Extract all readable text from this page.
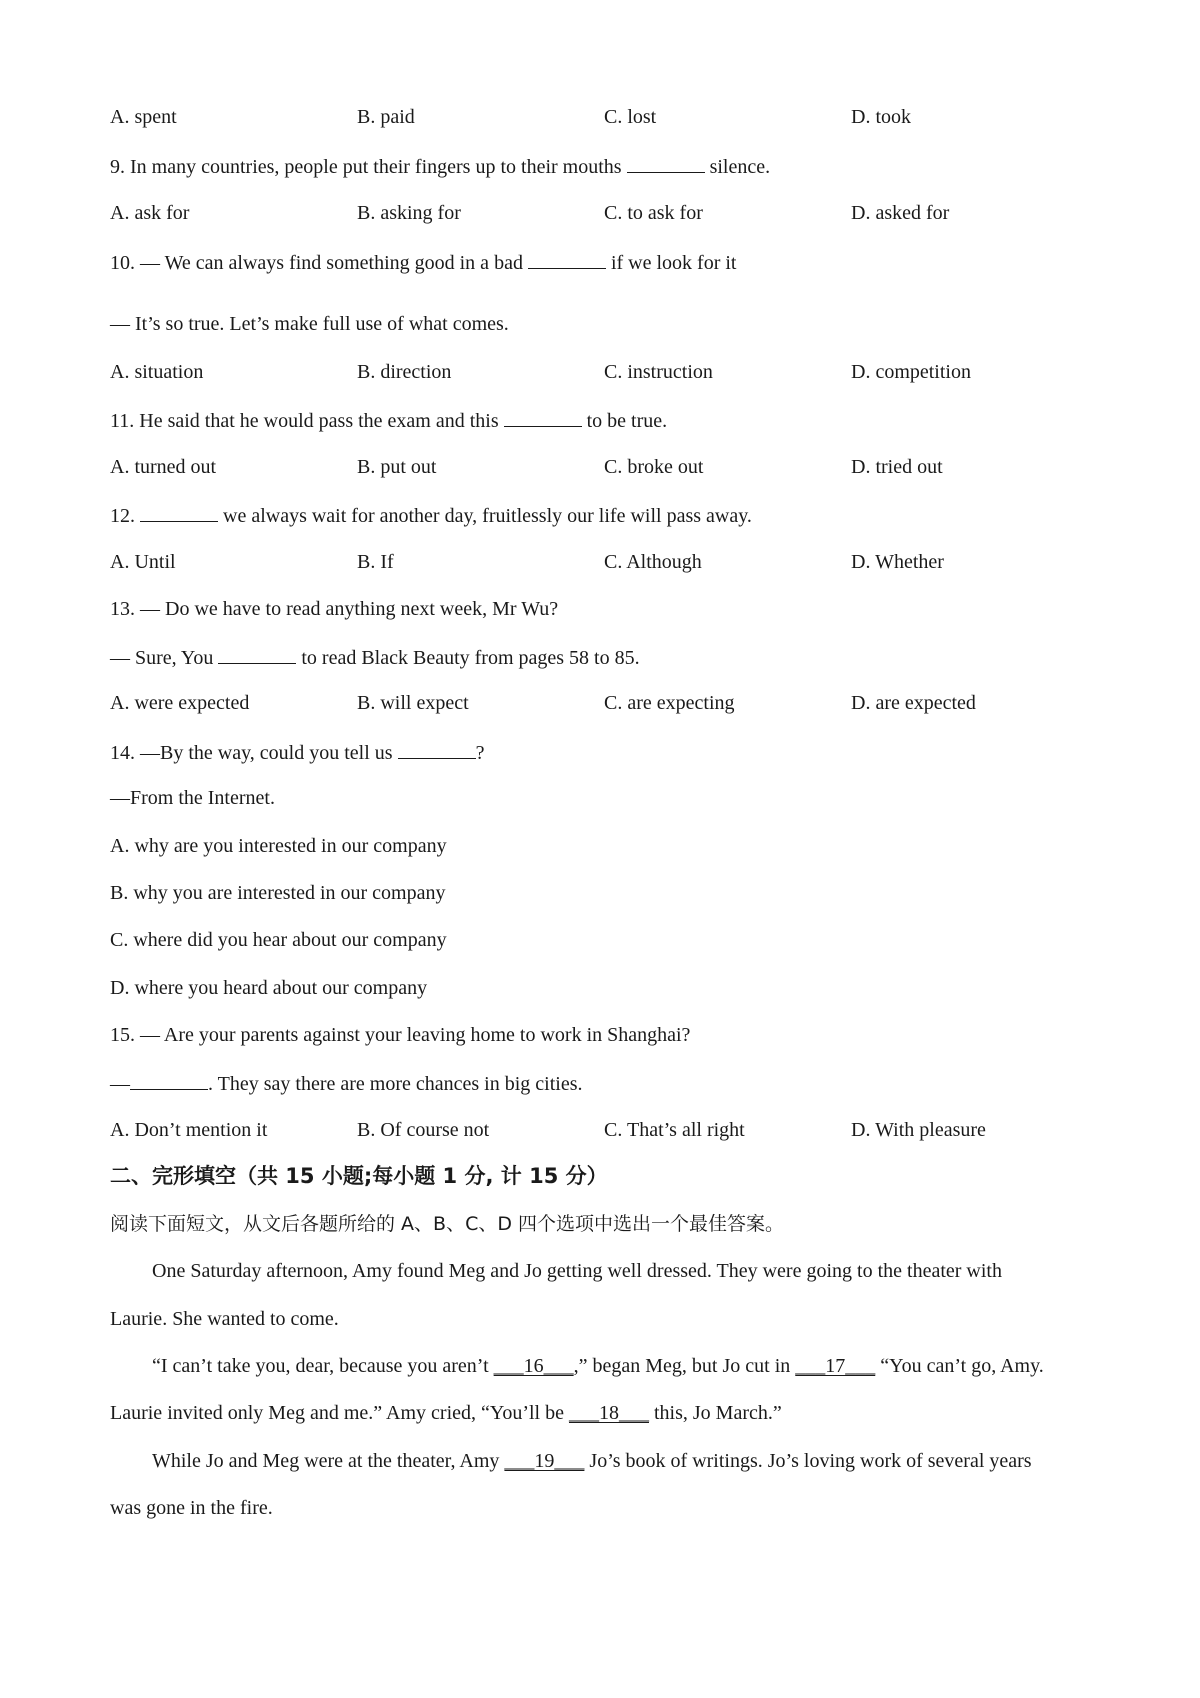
A. spent	B. paid	C. lost	D. took
9. In many countries, people put their fingers up to their mouths	silence.
A. ask for	B. asking for	C. to ask for	D. asked for
10. — We can always find something good in a bad	if we look for it
— It’s so true. Let’s make full use of what comes.
A. situation	B. direction	C. instruction	D. competition
11. He said that he would pass the exam and this	to be true.
A. turned out	B. put out	C. broke out	D. tried out
12.	we always wait for another day, fruitlessly our life will pass away.
A. Until	B. If	C. Although	D. Whether
13. — Do we have to read anything next week, Mr Wu?
— Sure, You	to read Black Beauty from pages 58 to 85.
A. were expected	B. will expect	C. are expecting	D. are expected
14. —By the way, could you tell us	?
—From the Internet.
A. why are you interested in our company
B. why you are interested in our company
C. where did you hear about our company
D. where you heard about our company
15. — Are your parents against your leaving home to work in Shanghai?
—	. They say there are more chances in big cities.
A. Don’t mention it	B. Of course not	C. That’s all right	D. With pleasure
二、完形填空（共 15 小题;每小题 1 分, 计 15 分）
阅读下面短文，从文后各题所给的 A、B、C、D 四个选项中选出一个最佳答案。
One Saturday afternoon, Amy found Meg and Jo getting well dressed. They were going to the theater with
Laurie. She wanted to come.
“I can’t take you, dear, because you aren’t ___16___,” began Meg, but Jo cut in ___17___ “You can’t go, Amy.
Laurie invited only Meg and me.” Amy cried, “You’ll be ___18___ this, Jo March.”
While Jo and Meg were at the theater, Amy ___19___ Jo’s book of writings. Jo’s loving work of several years
was gone in the fire.
